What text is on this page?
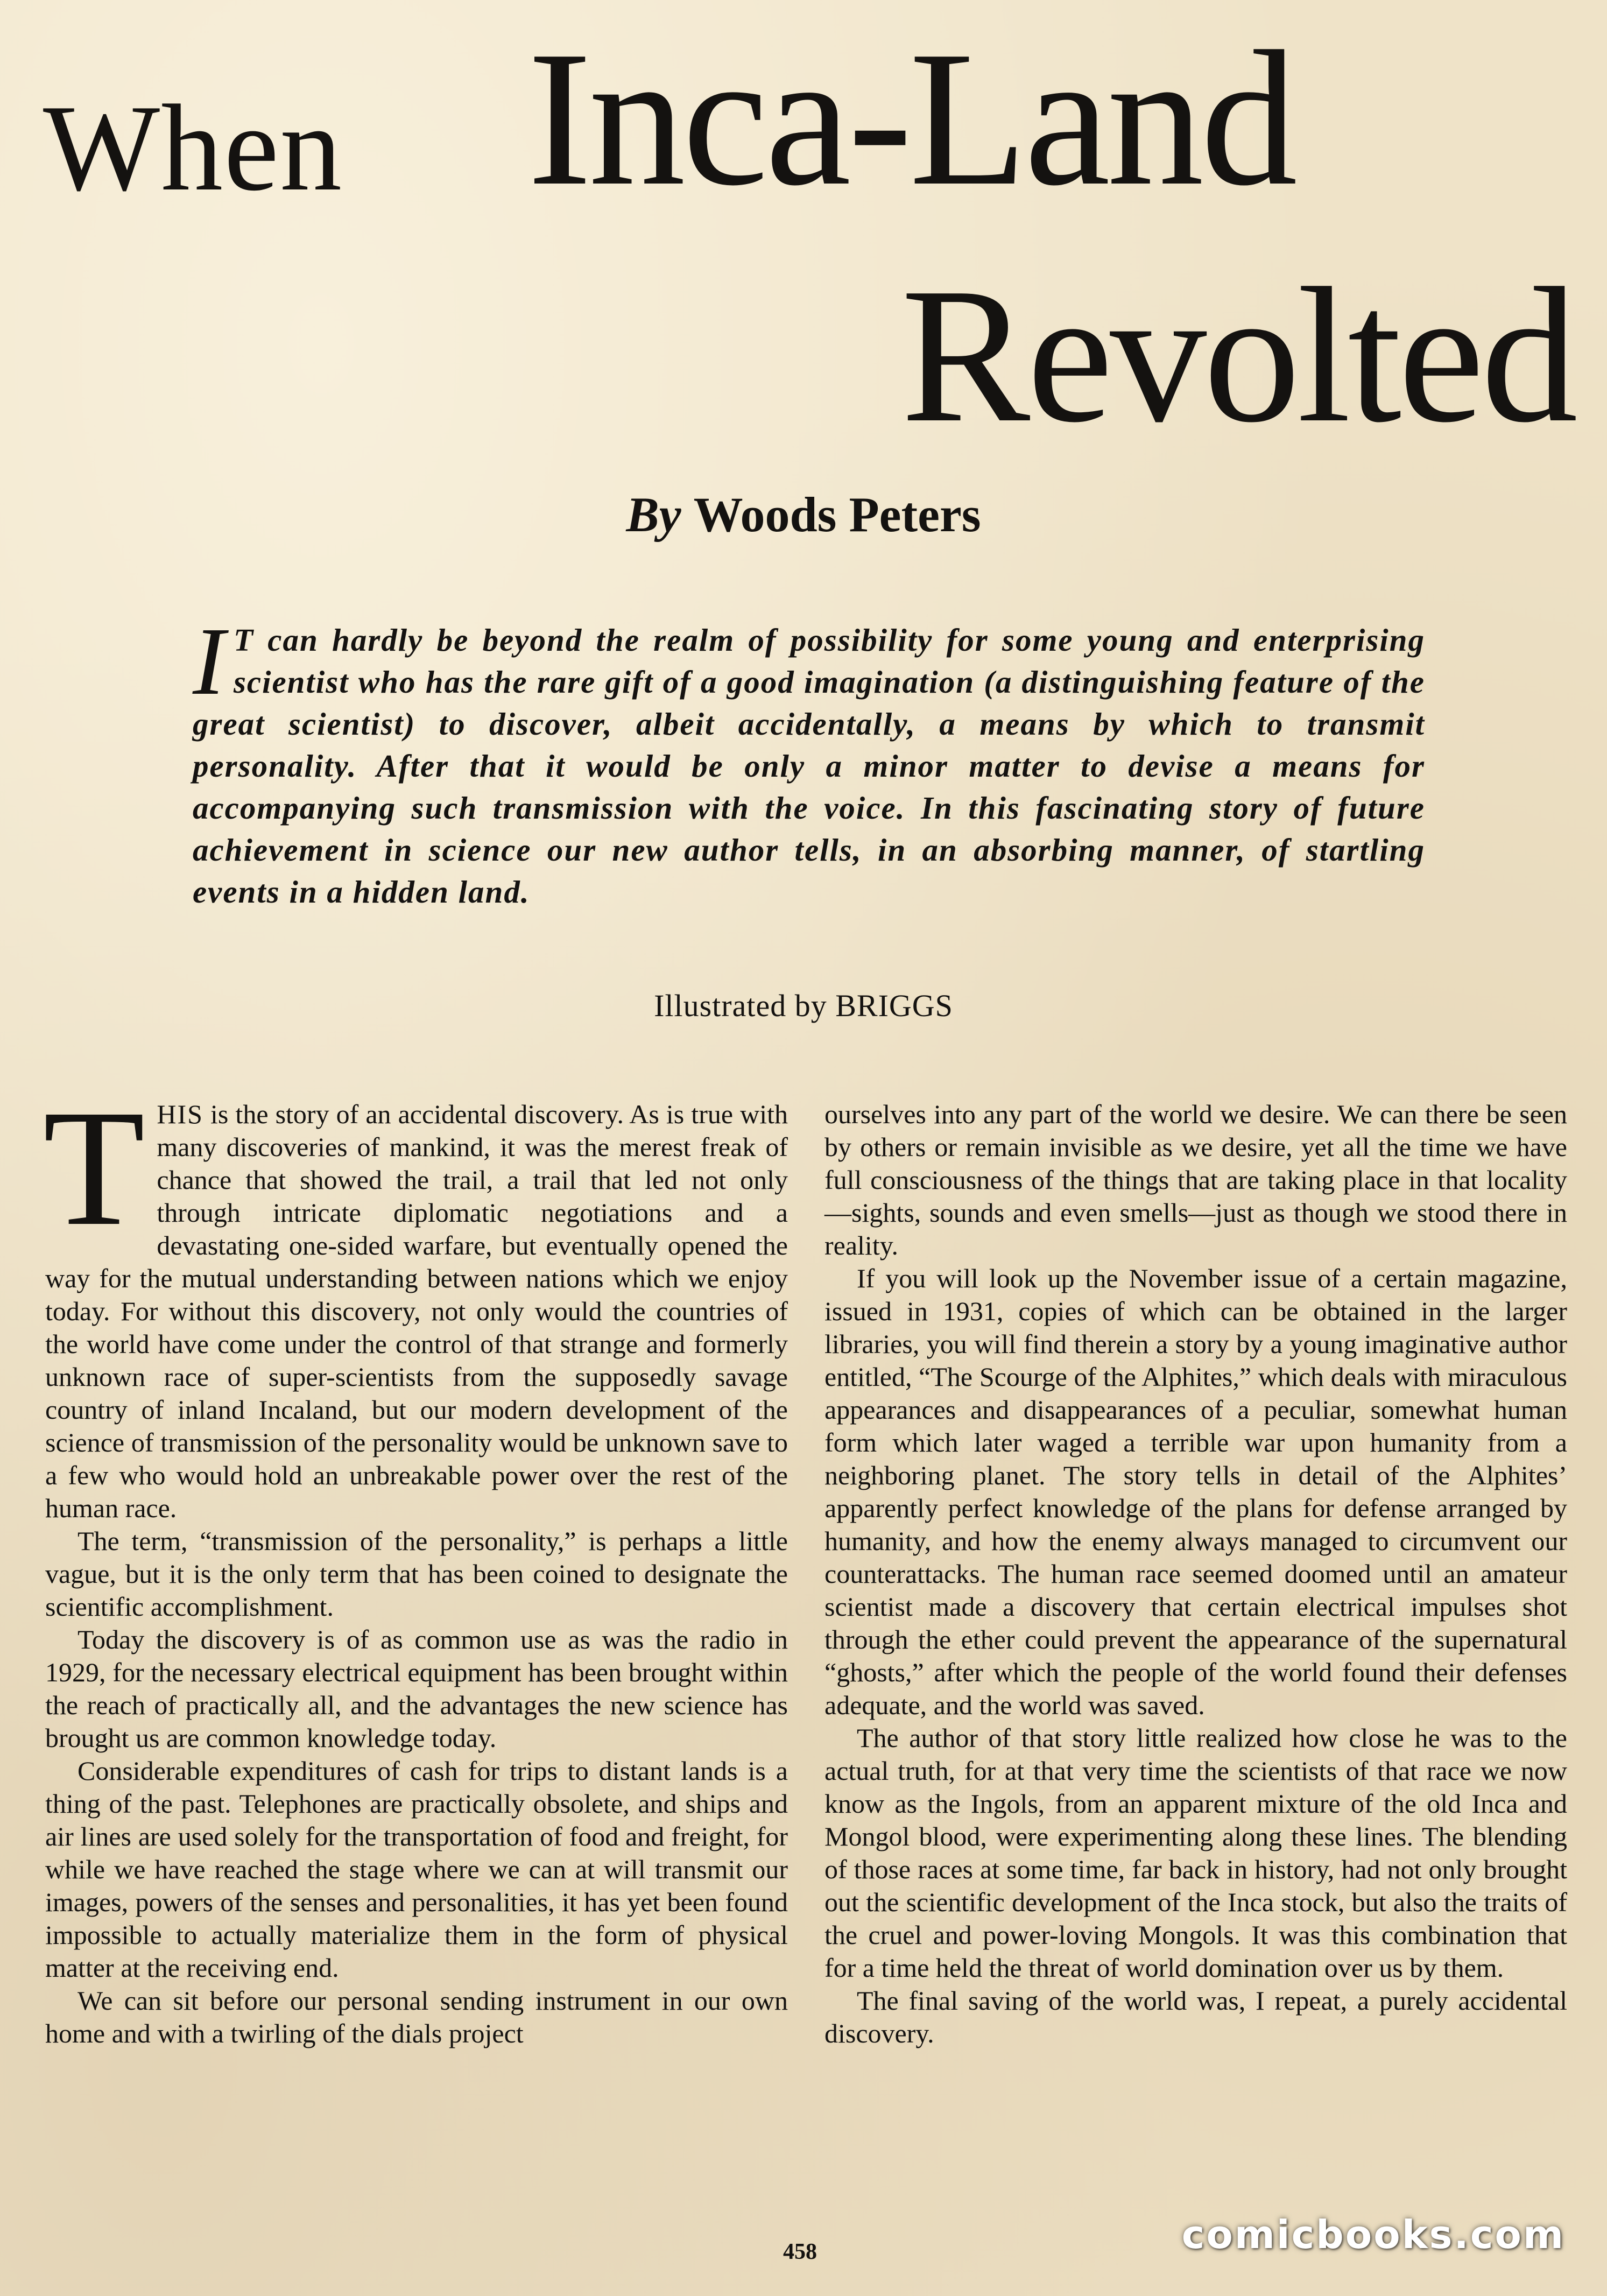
When Inca-Land
Revolted
By Woods Peters
I T can hardly be beyond the realm of possibility for some young and enterprising scientist who has the rare gift of a good imagination (a distinguishing feature of the great scientist) to discover, albeit accidentally, a means by which to transmit personality. After that it would be only a minor matter to devise a means for accompanying such transmission with the voice. In this fascinating story of future achievement in science our new author tells, in an absorbing manner, of startling events in a hidden land.
Illustrated by BRIGGS

THIS is the story of an accidental discovery. As is true with many discoveries of mankind, it was the merest freak of chance that showed the trail, a trail that led not only through intricate diplomatic negotiations and a devastating one-sided warfare, but eventually opened the way for the mutual understanding between nations which we enjoy today. For without this discovery, not only would the countries of the world have come under the control of that strange and formerly unknown race of super-scientists from the supposedly savage country of inland Incaland, but our modern development of the science of transmission of the personality would be unknown save to a few who would hold an unbreakable power over the rest of the human race.

The term, “transmission of the personality,” is perhaps a little vague, but it is the only term that has been coined to designate the scientific accomplishment.

Today the discovery is of as common use as was the radio in 1929, for the necessary electrical equipment has been brought within the reach of practically all, and the advantages the new science has brought us are common knowledge today.

Considerable expenditures of cash for trips to distant lands is a thing of the past. Telephones are practically obsolete, and ships and air lines are used solely for the transportation of food and freight, for while we have reached the stage where we can at will transmit our images, powers of the senses and personalities, it has yet been found impossible to actually materialize them in the form of physical matter at the receiving end.

We can sit before our personal sending instrument in our own home and with a twirling of the dials project

ourselves into any part of the world we desire. We can there be seen by others or remain invisible as we desire, yet all the time we have full consciousness of the things that are taking place in that locality—sights, sounds and even smells—just as though we stood there in reality.

If you will look up the November issue of a certain magazine, issued in 1931, copies of which can be obtained in the larger libraries, you will find therein a story by a young imaginative author entitled, “The Scourge of the Alphites,” which deals with miraculous appearances and disappearances of a peculiar, somewhat human form which later waged a terrible war upon humanity from a neighboring planet. The story tells in detail of the Alphites’ apparently perfect knowledge of the plans for defense arranged by humanity, and how the enemy always managed to circumvent our counterattacks. The human race seemed doomed until an amateur scientist made a discovery that certain electrical impulses shot through the ether could prevent the appearance of the supernatural “ghosts,” after which the people of the world found their defenses adequate, and the world was saved.

The author of that story little realized how close he was to the actual truth, for at that very time the scientists of that race we now know as the Ingols, from an apparent mixture of the old Inca and Mongol blood, were experimenting along these lines. The blending of those races at some time, far back in history, had not only brought out the scientific development of the Inca stock, but also the traits of the cruel and power-loving Mongols. It was this combination that for a time held the threat of world domination over us by them.

The final saving of the world was, I repeat, a purely accidental discovery.

458	comicbooks.com
